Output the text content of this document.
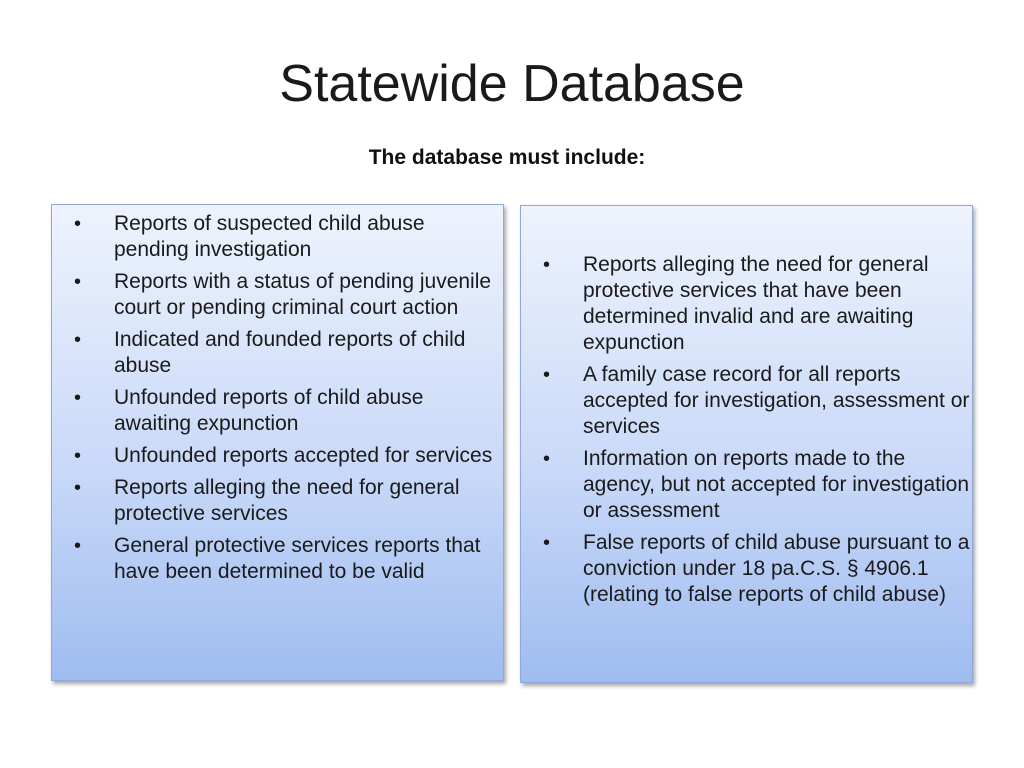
Statewide Database
The database must include:
• Reports of suspected child abuse pending investigation
• Reports with a status of pending juvenile court or pending criminal court action
• Indicated and founded reports of child abuse
• Unfounded reports of child abuse awaiting expunction
• Unfounded reports accepted for services
• Reports alleging the need for general protective services
• General protective services reports that have been determined to be valid
• Reports alleging the need for general protective services that have been determined invalid and are awaiting expunction
• A family case record for all reports accepted for investigation, assessment or services
• Information on reports made to the agency, but not accepted for investigation or assessment
• False reports of child abuse pursuant to a conviction under 18 pa.C.S. § 4906.1 (relating to false reports of child abuse)
